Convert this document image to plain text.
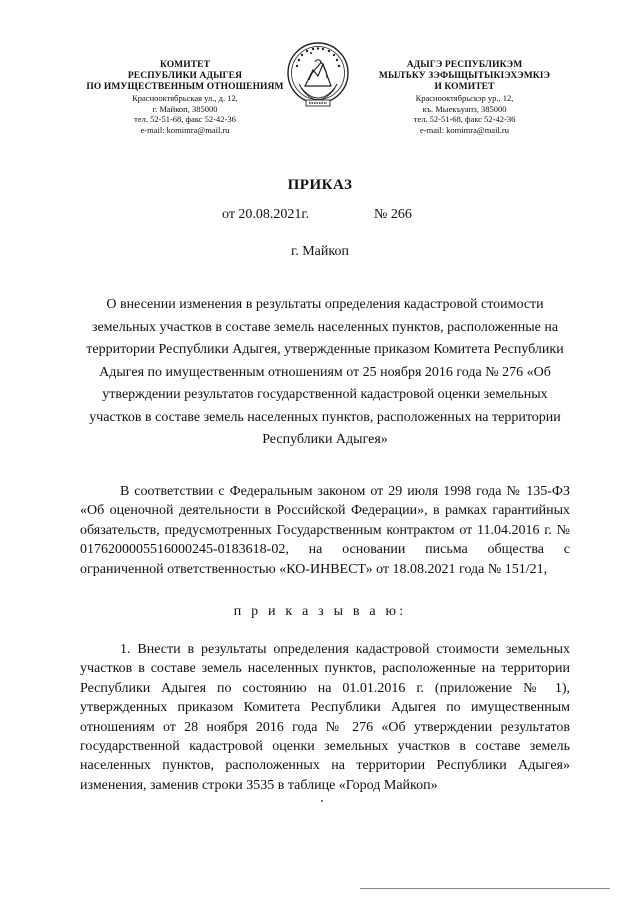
КОМИТЕТ
РЕСПУБЛИКИ АДЫГЕЯ
ПО ИМУЩЕСТВЕННЫМ ОТНОШЕНИЯМ
Краснооктябрьская ул., д. 12,
г. Майкоп, 385000
тел. 52-51-68, факс 52-42-36
e-mail: komimra@mail.ru
АДЫГЭ РЕСПУБЛИКЭМ
МЫЛЪКУ ЗЭФЫЩЫТЫКIЭХЭМКIЭ
И КОМИТЕТ
Краснооктябрьскэр ур., 12,
къ. Мыекъуапэ, 385000
тел. 52-51-68, факс 52-42-36
e-mail: komimra@mail.ru
ПРИКАЗ
от 20.08.2021г.	№ 266
г. Майкоп
О внесении изменения в результаты определения кадастровой стоимости земельных участков в составе земель населенных пунктов, расположенные на территории Республики Адыгея, утвержденные приказом Комитета Республики Адыгея по имущественным отношениям от 25 ноября 2016 года № 276 «Об утверждении результатов государственной кадастровой оценки земельных участков в составе земель населенных пунктов, расположенных на территории Республики Адыгея»

В соответствии с Федеральным законом от 29 июля 1998 года № 135-ФЗ «Об оценочной деятельности в Российской Федерации», в рамках гарантийных обязательств, предусмотренных Государственным контрактом от 11.04.2016 г. № 0176200005516000245-0183618-02, на основании письма общества с ограниченной ответственностью «КО-ИНВЕСТ» от 18.08.2021 года № 151/21,

п р и к а з ы в а ю:

1. Внести в результаты определения кадастровой стоимости земельных участков в составе земель населенных пунктов, расположенные на территории Республики Адыгея по состоянию на 01.01.2016 г. (приложение № 1), утвержденных приказом Комитета Республики Адыгея по имущественным отношениям от 28 ноября 2016 года № 276 «Об утверждении результатов государственной кадастровой оценки земельных участков в составе земель населенных пунктов, расположенных на территории Республики Адыгея» изменения, заменив строки 3535 в таблице «Город Майкоп»
